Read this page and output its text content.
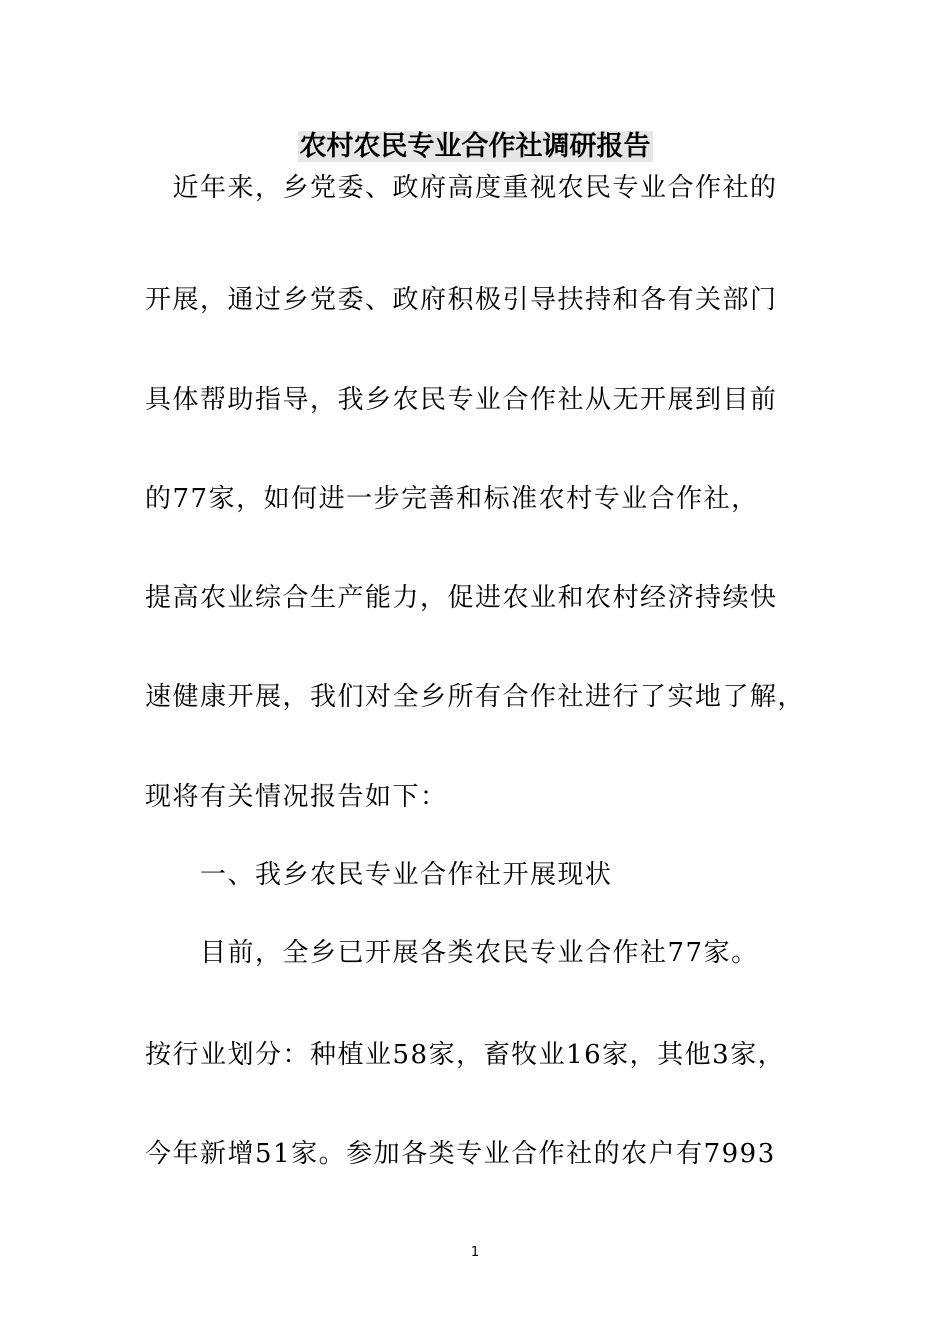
农村农民专业合作社调研报告
　近年来，乡党委、政府高度重视农民专业合作社的
开展，通过乡党委、政府积极引导扶持和各有关部门
具体帮助指导，我乡农民专业合作社从无开展到目前
的77家，如何进一步完善和标准农村专业合作社，
提高农业综合生产能力，促进农业和农村经济持续快
速健康开展，我们对全乡所有合作社进行了实地了解，
现将有关情况报告如下：
　　一、我乡农民专业合作社开展现状
　　目前，全乡已开展各类农民专业合作社77家。
按行业划分：种植业58家，畜牧业16家，其他3家，
今年新增51家。参加各类专业合作社的农户有7993
1
